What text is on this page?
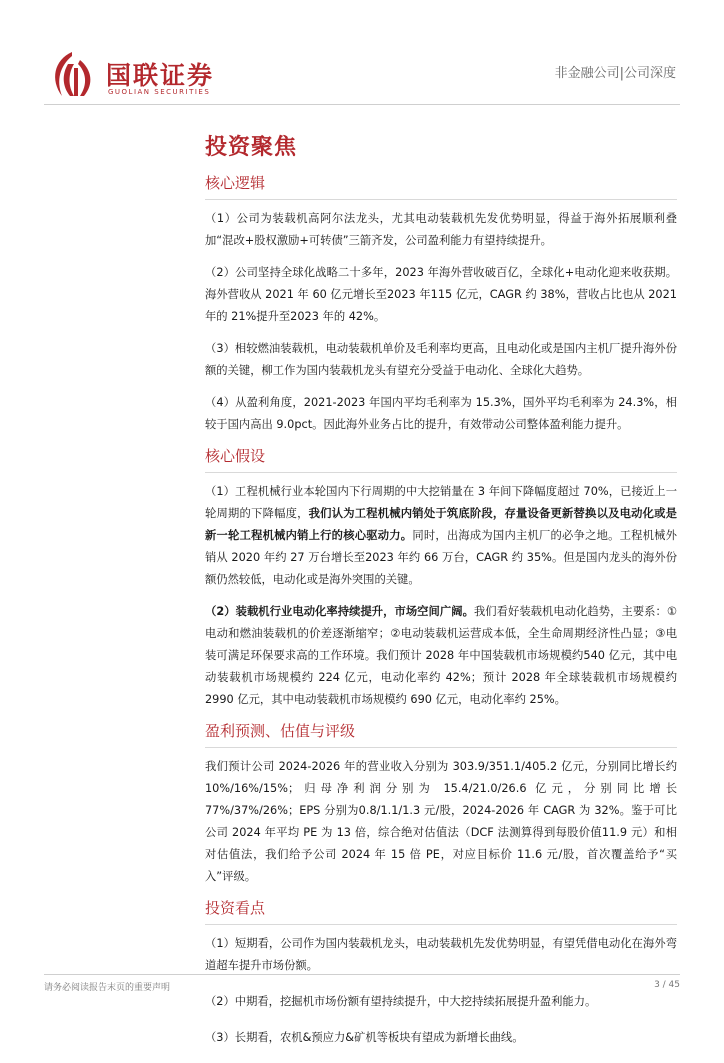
国联证券
GUOLIAN SECURITIES
非金融公司|公司深度
投资聚焦
核心逻辑

（1）公司为装载机高阿尔法龙头，尤其电动装载机先发优势明显，得益于海外拓展顺利叠加“混改+股权激励+可转债”三箭齐发，公司盈利能力有望持续提升。

（2）公司坚持全球化战略二十多年，2023 年海外营收破百亿，全球化+电动化迎来收获期。海外营收从 2021 年 60 亿元增长至2023 年115 亿元，CAGR 约 38%，营收占比也从 2021 年的 21%提升至2023 年的 42%。

（3）相较燃油装载机，电动装载机单价及毛利率均更高，且电动化或是国内主机厂提升海外份额的关键，柳工作为国内装载机龙头有望充分受益于电动化、全球化大趋势。

（4）从盈利角度，2021-2023 年国内平均毛利率为 15.3%，国外平均毛利率为 24.3%，相较于国内高出 9.0pct。因此海外业务占比的提升，有效带动公司整体盈利能力提升。

核心假设

（1）工程机械行业本轮国内下行周期的中大挖销量在 3 年间下降幅度超过 70%，已接近上一轮周期的下降幅度，我们认为工程机械内销处于筑底阶段，存量设备更新替换以及电动化或是新一轮工程机械内销上行的核心驱动力。同时，出海成为国内主机厂的必争之地。工程机械外销从 2020 年约 27 万台增长至2023 年约 66 万台，CAGR 约 35%。但是国内龙头的海外份额仍然较低，电动化或是海外突围的关键。

（2）装载机行业电动化率持续提升，市场空间广阔。我们看好装载机电动化趋势，主要系：①电动和燃油装载机的价差逐渐缩窄；②电动装载机运营成本低，全生命周期经济性凸显；③电装可满足环保要求高的工作环境。我们预计 2028 年中国装载机市场规模约540 亿元，其中电动装载机市场规模约 224 亿元，电动化率约 42%；预计 2028 年全球装载机市场规模约 2990 亿元，其中电动装载机市场规模约 690 亿元，电动化率约 25%。

盈利预测、估值与评级

我们预计公司 2024-2026 年的营业收入分别为 303.9/351.1/405.2 亿元，分别同比增长约10%/16%/15%；归母净利润分别为 15.4/21.0/26.6 亿元，分别同比增长 77%/37%/26%；EPS 分别为0.8/1.1/1.3 元/股，2024-2026 年 CAGR 为 32%。鉴于可比公司 2024 年平均 PE 为 13 倍，综合绝对估值法（DCF 法测算得到每股价值11.9 元）和相对估值法，我们给予公司 2024 年 15 倍 PE，对应目标价 11.6 元/股，首次覆盖给予“买入”评级。

投资看点

（1）短期看，公司作为国内装载机龙头，电动装载机先发优势明显，有望凭借电动化在海外弯道超车提升市场份额。

（2）中期看，挖掘机市场份额有望持续提升，中大挖持续拓展提升盈利能力。

（3）长期看，农机&预应力&矿机等板块有望成为新增长曲线。

请务必阅读报告末页的重要声明	3 / 45
